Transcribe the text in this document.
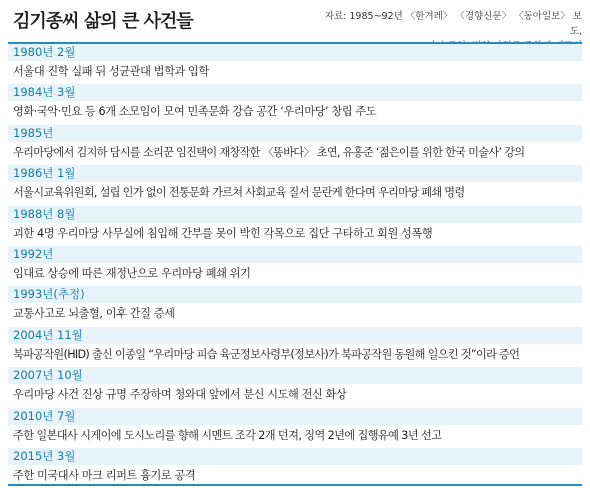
김기종씨 삶의 큰 사건들	자료: 1985~92년 〈한겨레〉 〈경향신문〉 〈동아일보〉 보도,
1980년 2월
서울대 진학 실패 뒤 성균관대 법학과 입학
1984년 3월
영화·국악·민요 등 6개 소모임이 모여 민족문화 강습 공간 ‘우리마당’ 창립 주도
1985년
우리마당에서 김지하 담시를 소리꾼 임진택이 재창작한 〈똥바다〉 초연, 유홍준 ‘젊은이를 위한 한국 미술사’ 강의
1986년 1월
서울시교육위원회, 설립 인가 없이 전통문화 가르쳐 사회교육 질서 문란케 한다며 우리마당 폐쇄 명령
1988년 8월
괴한 4명 우리마당 사무실에 침입해 간부를 못이 박힌 각목으로 집단 구타하고 회원 성폭행
1992년
임대료 상승에 따른 재정난으로 우리마당 폐쇄 위기
1993년(추정)
교통사고로 뇌출혈, 이후 간질 증세
2004년 11월
북파공작원(HID) 출신 이종일 “우리마당 피습 육군정보사령부(정보사)가 북파공작원 동원해 일으킨 것”이라 증언
2007년 10월
우리마당 사건 진상 규명 주장하며 청와대 앞에서 분신 시도해 전신 화상
2010년 7월
주한 일본대사 시게이에 도시노리를 향해 시멘트 조각 2개 던져, 징역 2년에 집행유예 3년 선고
2015년 3월
주한 미국대사 마크 리퍼트 흉기로 공격
